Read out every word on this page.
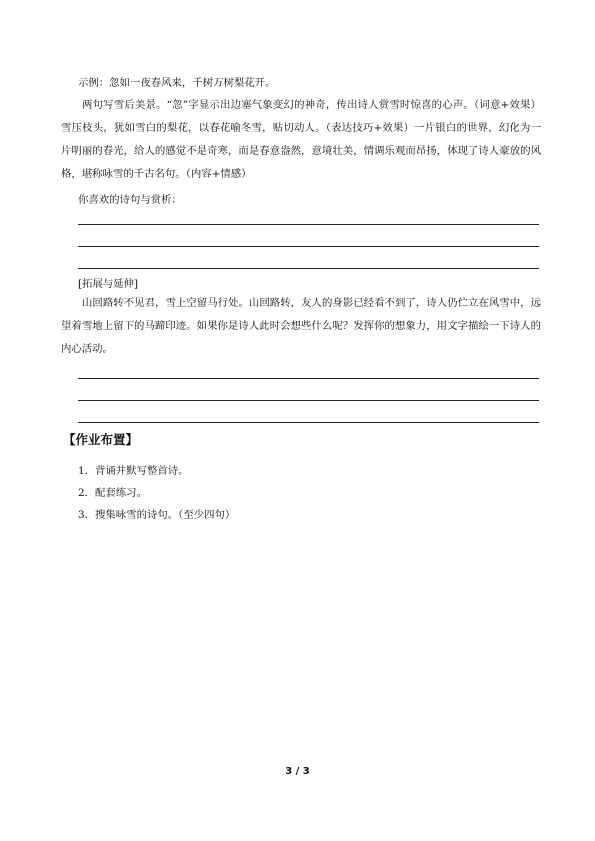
示例：忽如一夜春风来，千树万树梨花开。

两句写雪后美景。“忽”字显示出边塞气象变幻的神奇，传出诗人赏雪时惊喜的心声。（词意+效果）雪压枝头，犹如雪白的梨花，以春花喻冬雪，贴切动人。（表达技巧+效果）一片银白的世界，幻化为一片明丽的春光，给人的感觉不是奇寒，而是春意盎然，意境壮美，情调乐观而昂扬，体现了诗人豪放的风格，堪称咏雪的千古名句。（内容+情感）

你喜欢的诗句与赏析：

[拓展与延伸]

山回路转不见君，雪上空留马行处。山回路转，友人的身影已经看不到了，诗人仍伫立在风雪中，远望着雪地上留下的马蹄印迹。如果你是诗人此时会想些什么呢？发挥你的想象力，用文字描绘一下诗人的内心活动。

【作业布置】
1．背诵并默写整首诗。
2．配套练习。
3．搜集咏雪的诗句。（至少四句）
3 / 3
